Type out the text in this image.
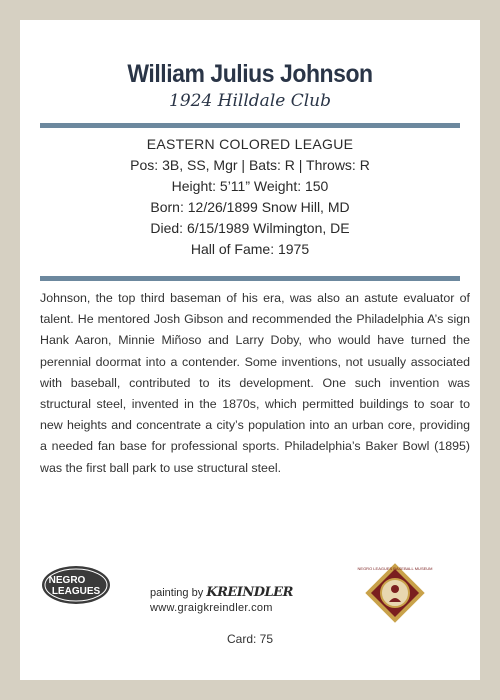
William Julius Johnson
1924 Hilldale Club
EASTERN COLORED LEAGUE
Pos: 3B, SS, Mgr | Bats: R | Throws: R
Height: 5’11” Weight: 150
Born: 12/26/1899 Snow Hill, MD
Died: 6/15/1989 Wilmington, DE
Hall of Fame: 1975
Johnson, the top third baseman of his era, was also an astute evaluator of talent. He mentored Josh Gibson and recommended the Philadelphia A’s sign Hank Aaron, Minnie Miñoso and Larry Doby, who would have turned the perennial doormat into a contender. Some inventions, not usually associated with baseball, contributed to its development. One such invention was structural steel, invented in the 1870s, which permitted buildings to soar to new heights and concentrate a city’s population into an urban core, providing a needed fan base for professional sports. Philadelphia’s Baker Bowl (1895) was the first ball park to use structural steel.
NEGRO
LEAGUES	painting by KREINDLER
www.graigkreindler.com
NEGRO LEAGUES BASEBALL MUSEUM
Card: 75
